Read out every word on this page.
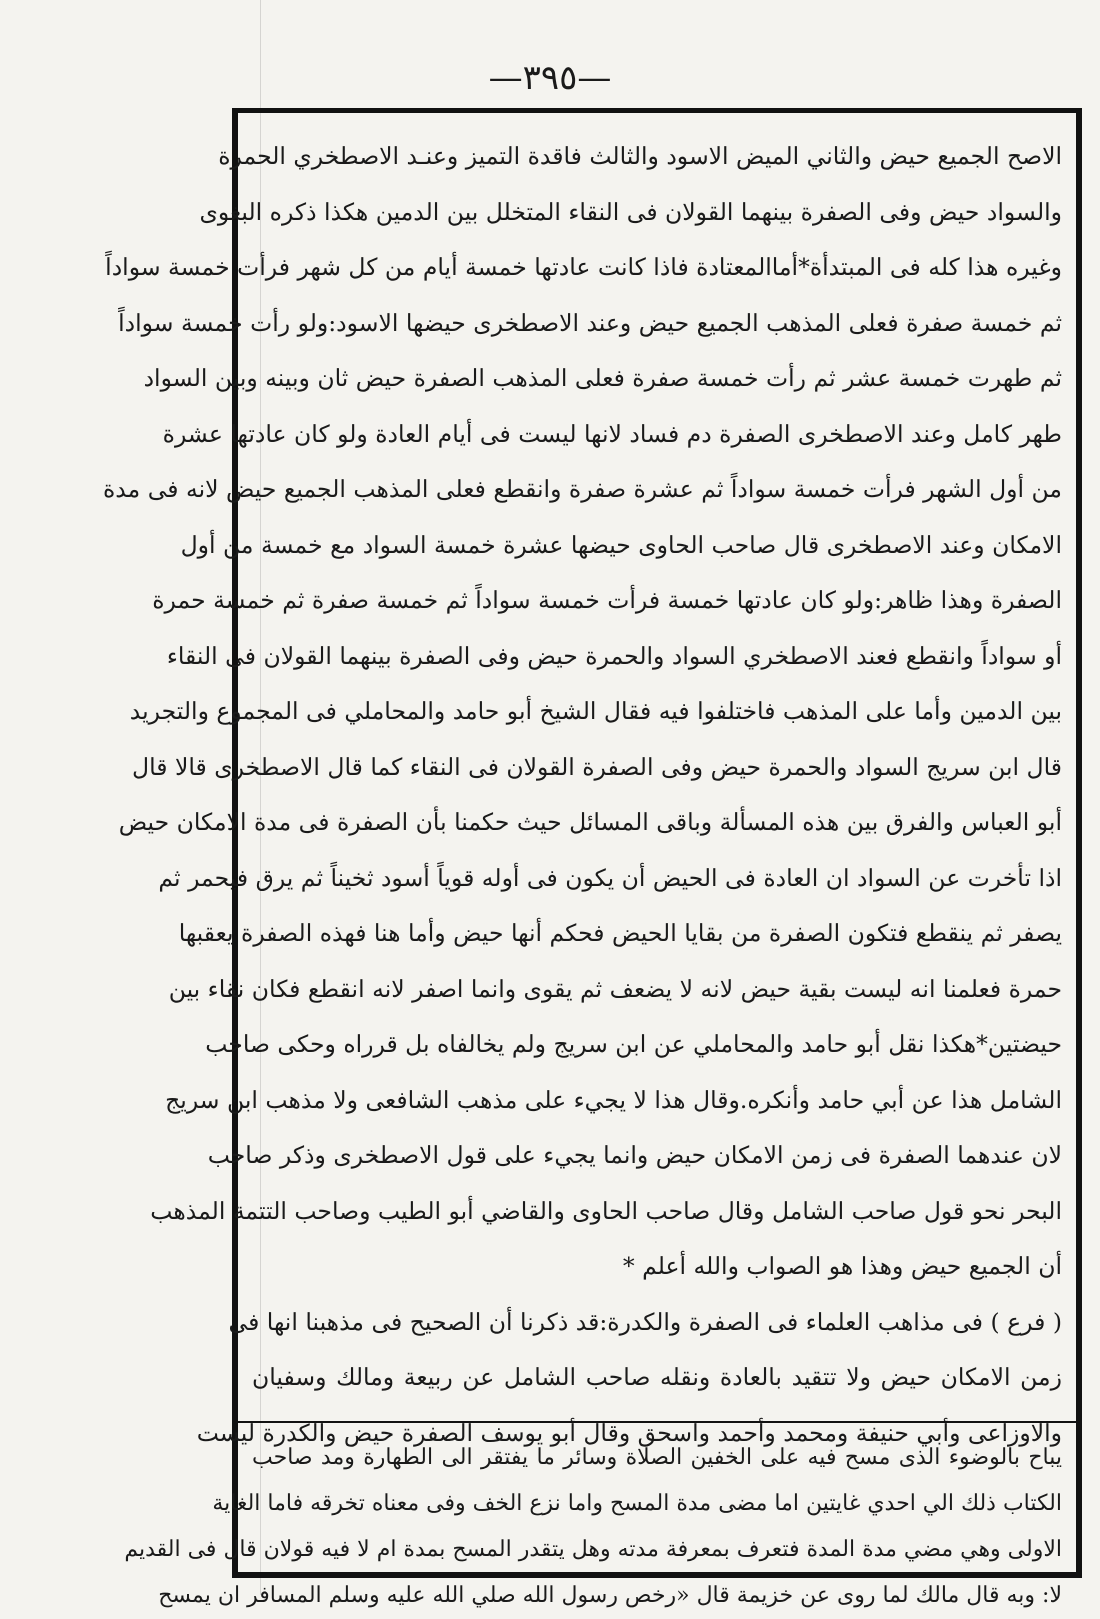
—٣٩٥—
الاصح الجميع حيض والثاني الميض الاسود والثالث فاقدة التميز وعنـد الاصطخري الحمرة
والسواد حيض وفى الصفرة بينهما القولان فى النقاء المتخلل بين الدمين هكذا ذكره البغوى
وغيره هذا كله فى المبتدأة*أماالمعتادة فاذا كانت عادتها خمسة أيام من كل شهر فرأت خمسة سواداً
ثم خمسة صفرة فعلى المذهب الجميع حيض وعند الاصطخرى حيضها الاسود:ولو رأت خمسة سواداً
ثم طهرت خمسة عشر ثم رأت خمسة صفرة فعلى المذهب الصفرة حيض ثان وبينه وبين السواد
طهر كامل وعند الاصطخرى الصفرة دم فساد لانها ليست فى أيام العادة ولو كان عادتها عشرة
من أول الشهر فرأت خمسة سواداً ثم عشرة صفرة وانقطع فعلى المذهب الجميع حيض لانه فى مدة
الامكان وعند الاصطخرى قال صاحب الحاوى حيضها عشرة خمسة السواد مع خمسة من أول
الصفرة وهذا ظاهر:ولو كان عادتها خمسة فرأت خمسة سواداً ثم خمسة صفرة ثم خمسة حمرة
أو سواداً وانقطع فعند الاصطخري السواد والحمرة حيض وفى الصفرة بينهما القولان فى النقاء
بين الدمين وأما على المذهب فاختلفوا فيه فقال الشيخ أبو حامد والمحاملي فى المجموع والتجريد
قال ابن سريج السواد والحمرة حيض وفى الصفرة القولان فى النقاء كما قال الاصطخرى قالا قال
أبو العباس والفرق بين هذه المسألة وباقى المسائل حيث حكمنا بأن الصفرة فى مدة الامكان حيض
اذا تأخرت عن السواد ان العادة فى الحيض أن يكون فى أوله قوياً أسود ثخيناً ثم يرق فيحمر ثم
يصفر ثم ينقطع فتكون الصفرة من بقايا الحيض فحكم أنها حيض وأما هنا فهذه الصفرة يعقبها
حمرة فعلمنا انه ليست بقية حيض لانه لا يضعف ثم يقوى وانما اصفر لانه انقطع فكان نقاء بين
حيضتين*هكذا نقل أبو حامد والمحاملي عن ابن سريج ولم يخالفاه بل قرراه وحكى صاحب
الشامل هذا عن أبي حامد وأنكره.وقال هذا لا يجيء على مذهب الشافعى ولا مذهب ابن سريج
لان عندهما الصفرة فى زمن الامكان حيض وانما يجيء على قول الاصطخرى وذكر صاحب
البحر نحو قول صاحب الشامل وقال صاحب الحاوى والقاضي أبو الطيب وصاحب التتمة المذهب
أن الجميع حيض وهذا هو الصواب والله أعلم *
( فرع ) فى مذاهب العلماء فى الصفرة والكدرة:قد ذكرنا أن الصحيح فى مذهبنا انها فى
زمن الامكان حيض ولا تتقيد بالعادة ونقله صاحب الشامل عن ربيعة ومالك وسفيان
والاوزاعى وأبي حنيفة ومحمد وأحمد واسحق وقال أبو يوسف الصفرة حيض والكدرة ليست
يباح بالوضوء الذى مسح فيه على الخفين الصلاة وسائر ما يفتقر الى الطهارة ومد صاحب
الكتاب ذلك الي احدي غايتين اما مضى مدة المسح واما نزع الخف وفى معناه تخرقه فاما الغاية
الاولى وهي مضي مدة المدة فتعرف بمعرفة مدته وهل يتقدر المسح بمدة ام لا فيه قولان قال فى القديم
لا: وبه قال مالك لما روى عن خزيمة قال «رخص رسول الله صلي الله عليه وسلم المسافر ان يمسح
